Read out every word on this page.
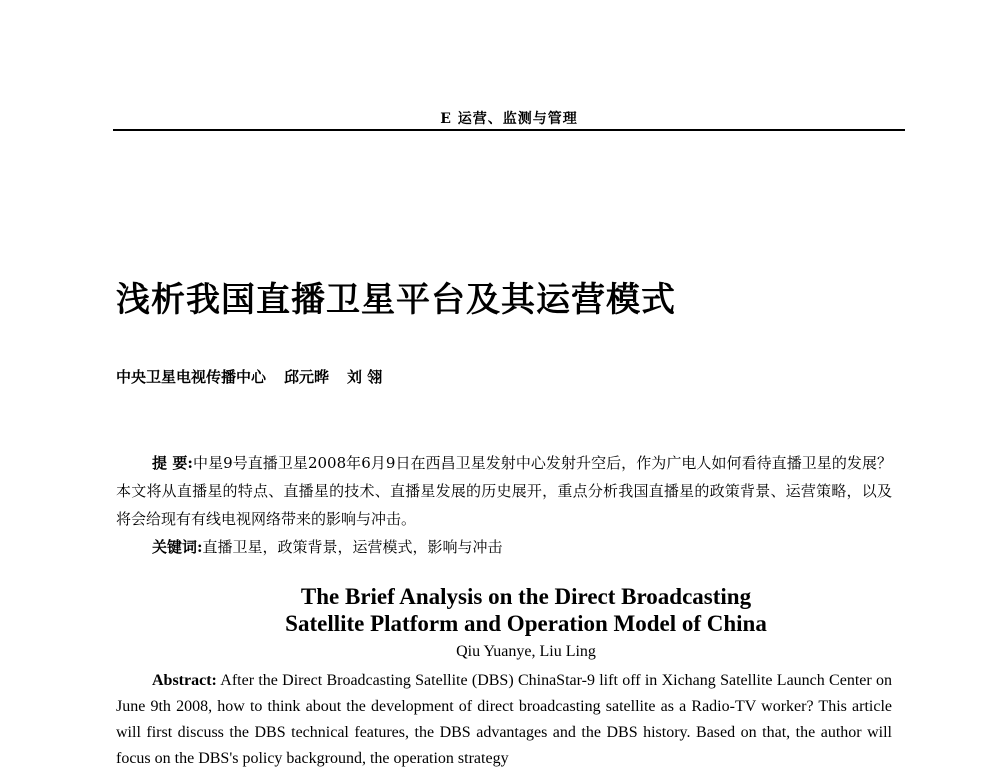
E 运营、监测与管理
浅析我国直播卫星平台及其运营模式
中央卫星电视传播中心 邱元晔 刘 翎
提 要:中星9号直播卫星2008年6月9日在西昌卫星发射中心发射升空后，作为广电人如何看待直播卫星的发展？本文将从直播星的特点、直播星的技术、直播星发展的历史展开，重点分析我国直播星的政策背景、运营策略，以及将会给现有有线电视网络带来的影响与冲击。
关键词:直播卫星，政策背景，运营模式，影响与冲击
The Brief Analysis on the Direct Broadcasting
Satellite Platform and Operation Model of China
Qiu Yuanye, Liu Ling
Abstract: After the Direct Broadcasting Satellite (DBS) ChinaStar-9 lift off in Xichang Satellite Launch Center on June 9th 2008, how to think about the development of direct broadcasting satellite as a Radio-TV worker? This article will first discuss the DBS technical features, the DBS advantages and the DBS history. Based on that, the author will focus on the DBS's policy background, the operation strategy
